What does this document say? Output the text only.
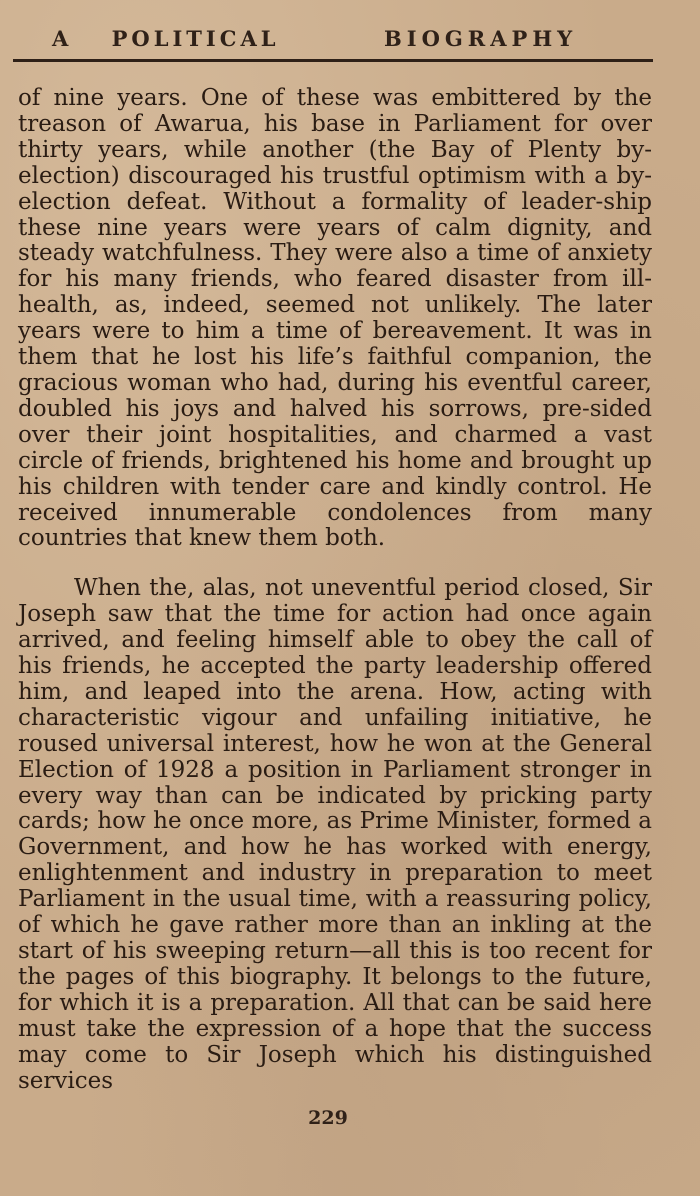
A POLITICAL	BIOGRAPHY

of nine years. One of these was embittered by the treason of Awarua, his base in Parliament for over thirty years, while another (the Bay of Plenty by-election) discouraged his trustful optimism with a by-election defeat. Without a formality of leader-ship these nine years were years of calm dignity, and steady watchfulness. They were also a time of anxiety for his many friends, who feared disaster from ill-health, as, indeed, seemed not unlikely. The later years were to him a time of bereavement. It was in them that he lost his life’s faithful companion, the gracious woman who had, during his eventful career, doubled his joys and halved his sorrows, pre-sided over their joint hospitalities, and charmed a vast circle of friends, brightened his home and brought up his children with tender care and kindly control. He received innumerable condolences from many countries that knew them both.

When the, alas, not uneventful period closed, Sir Joseph saw that the time for action had once again arrived, and feeling himself able to obey the call of his friends, he accepted the party leadership offered him, and leaped into the arena. How, acting with characteristic vigour and unfailing initiative, he roused universal interest, how he won at the General Election of 1928 a position in Parliament stronger in every way than can be indicated by pricking party cards; how he once more, as Prime Minister, formed a Government, and how he has worked with energy, enlightenment and industry in preparation to meet Parliament in the usual time, with a reassuring policy, of which he gave rather more than an inkling at the start of his sweeping return—all this is too recent for the pages of this biography. It belongs to the future, for which it is a preparation. All that can be said here must take the expression of a hope that the success may come to Sir Joseph which his distinguished services

229
